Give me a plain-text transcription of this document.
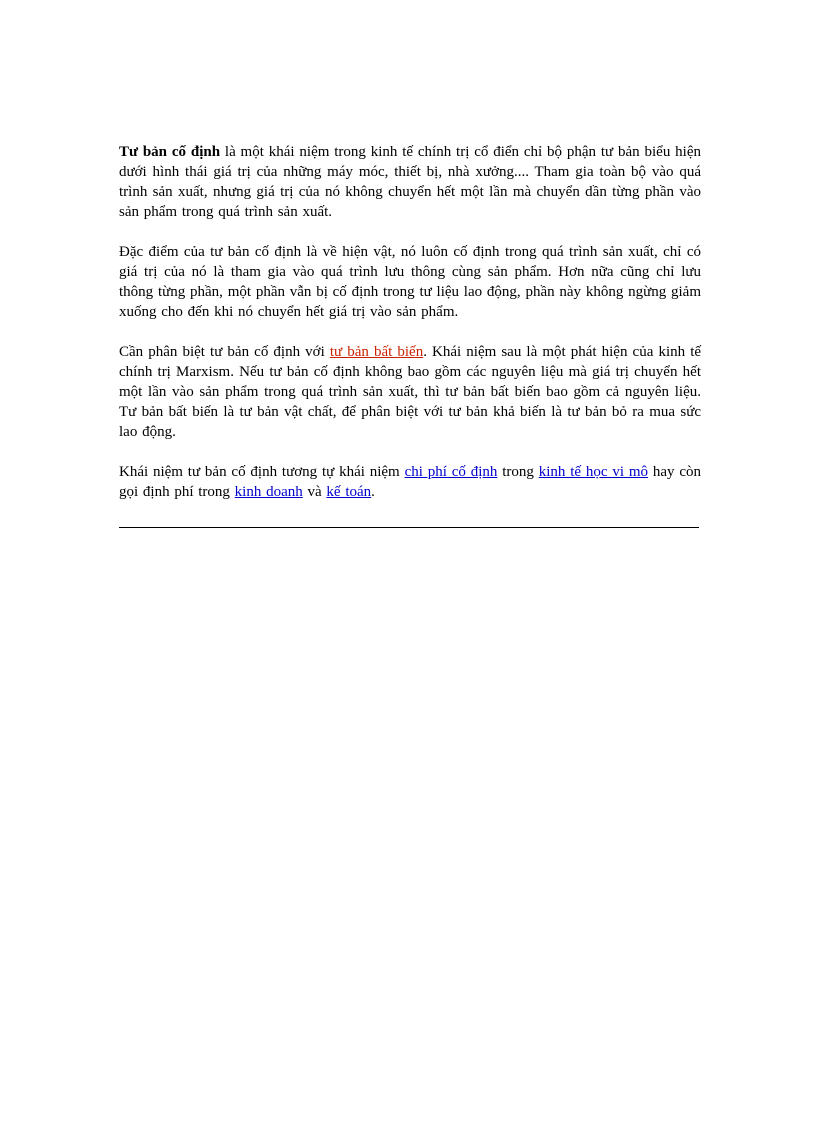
Tư bản cố định là một khái niệm trong kinh tế chính trị cổ điển chỉ bộ phận tư bản biểu hiện dưới hình thái giá trị của những máy móc, thiết bị, nhà xưởng.... Tham gia toàn bộ vào quá trình sản xuất, nhưng giá trị của nó không chuyển hết một lần mà chuyển dần từng phần vào sản phẩm trong quá trình sản xuất.

Đặc điểm của tư bản cố định là về hiện vật, nó luôn cố định trong quá trình sản xuất, chỉ có giá trị của nó là tham gia vào quá trình lưu thông cùng sản phẩm. Hơn nữa cũng chỉ lưu thông từng phần, một phần vẫn bị cố định trong tư liệu lao động, phần này không ngừng giảm xuống cho đến khi nó chuyển hết giá trị vào sản phẩm.

Cần phân biệt tư bản cố định với tư bản bất biến. Khái niệm sau là một phát hiện của kinh tế chính trị Marxism. Nếu tư bản cố định không bao gồm các nguyên liệu mà giá trị chuyển hết một lần vào sản phẩm trong quá trình sản xuất, thì tư bản bất biến bao gồm cả nguyên liệu. Tư bản bất biến là tư bản vật chất, để phân biệt với tư bản khả biến là tư bản bỏ ra mua sức lao động.

Khái niệm tư bản cố định tương tự khái niệm chi phí cố định trong kinh tế học vi mô hay còn gọi định phí trong kinh doanh và kế toán.
